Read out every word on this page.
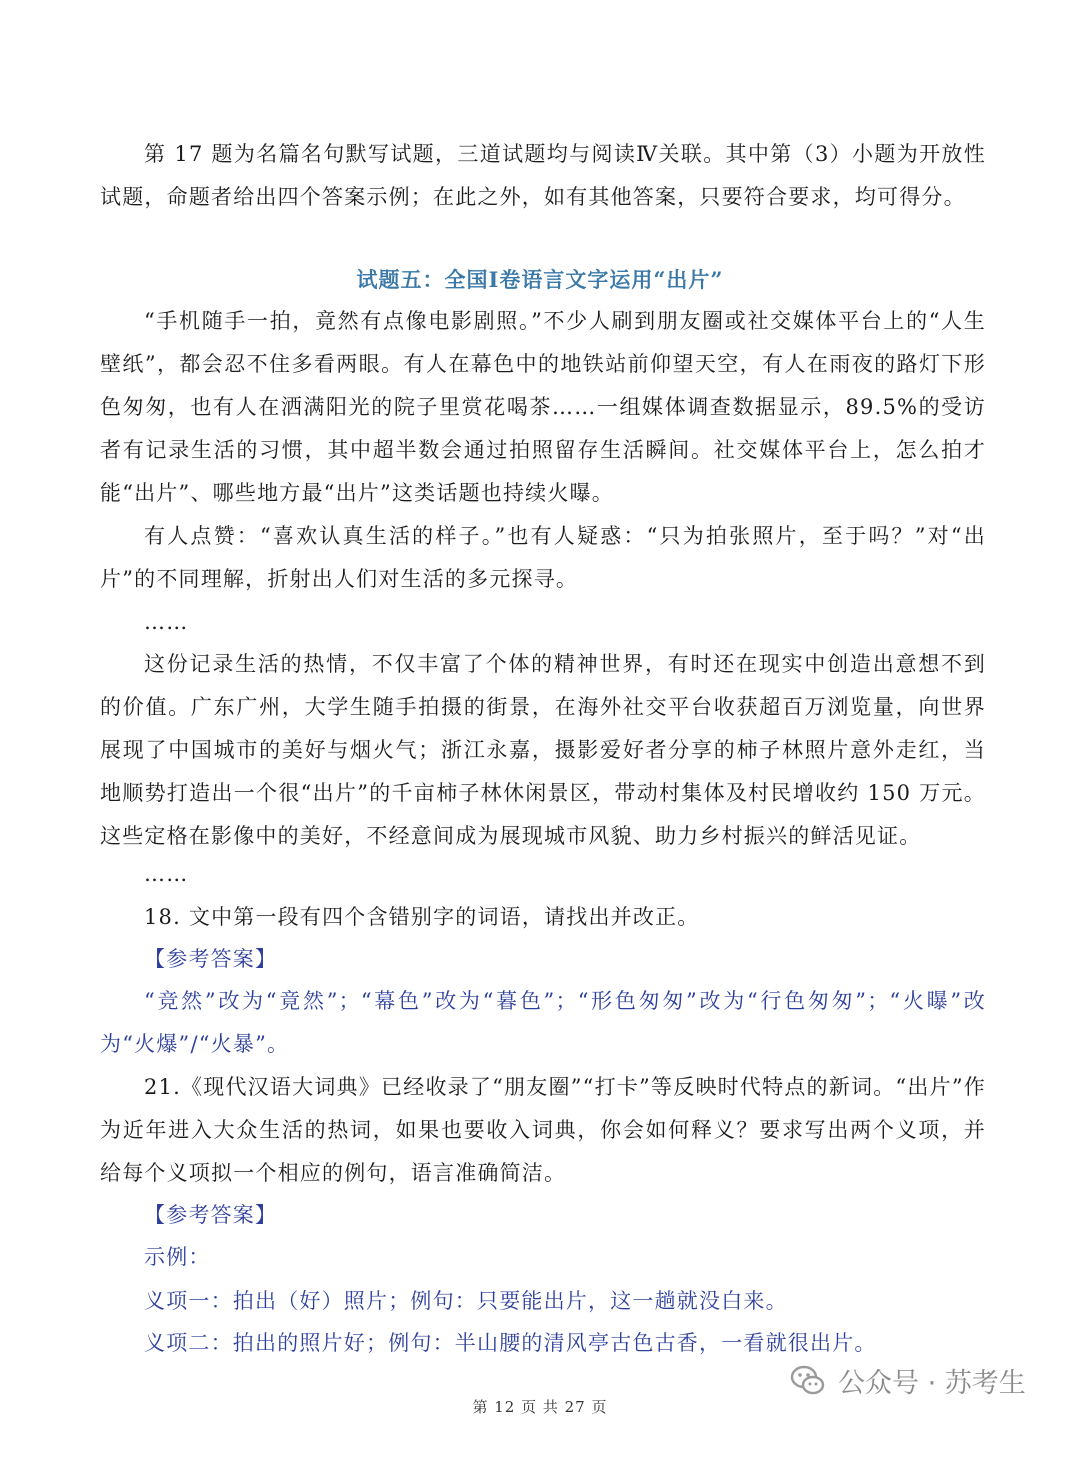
第 17 题为名篇名句默写试题，三道试题均与阅读Ⅳ关联。其中第（3）小题为开放性试题，命题者给出四个答案示例；在此之外，如有其他答案，只要符合要求，均可得分。

试题五：全国Ⅰ卷语言文字运用“出片”

“手机随手一拍，竟然有点像电影剧照。”不少人刷到朋友圈或社交媒体平台上的“人生壁纸”，都会忍不住多看两眼。有人在幕色中的地铁站前仰望天空，有人在雨夜的路灯下形色匆匆，也有人在洒满阳光的院子里赏花喝茶……一组媒体调查数据显示，89.5%的受访者有记录生活的习惯，其中超半数会通过拍照留存生活瞬间。社交媒体平台上，怎么拍才能“出片”、哪些地方最“出片”这类话题也持续火曝。

有人点赞：“喜欢认真生活的样子。”也有人疑惑：“只为拍张照片，至于吗？”对“出片”的不同理解，折射出人们对生活的多元探寻。

……

这份记录生活的热情，不仅丰富了个体的精神世界，有时还在现实中创造出意想不到的价值。广东广州，大学生随手拍摄的街景，在海外社交平台收获超百万浏览量，向世界展现了中国城市的美好与烟火气；浙江永嘉，摄影爱好者分享的柿子林照片意外走红，当地顺势打造出一个很“出片”的千亩柿子林休闲景区，带动村集体及村民增收约 150 万元。这些定格在影像中的美好，不经意间成为展现城市风貌、助力乡村振兴的鲜活见证。

……

18. 文中第一段有四个含错别字的词语，请找出并改正。

【参考答案】

“竞然”改为“竟然”；“幕色”改为“暮色”；“形色匆匆”改为“行色匆匆”；“火曝”改为“火爆”/“火暴”。

21.《现代汉语大词典》已经收录了“朋友圈”“打卡”等反映时代特点的新词。“出片”作为近年进入大众生活的热词，如果也要收入词典，你会如何释义？要求写出两个义项，并给每个义项拟一个相应的例句，语言准确简洁。

【参考答案】

示例：

义项一：拍出（好）照片；例句：只要能出片，这一趟就没白来。

义项二：拍出的照片好；例句：半山腰的清风亭古色古香，一看就很出片。

公众号 · 苏考生
第 12 页 共 27 页
